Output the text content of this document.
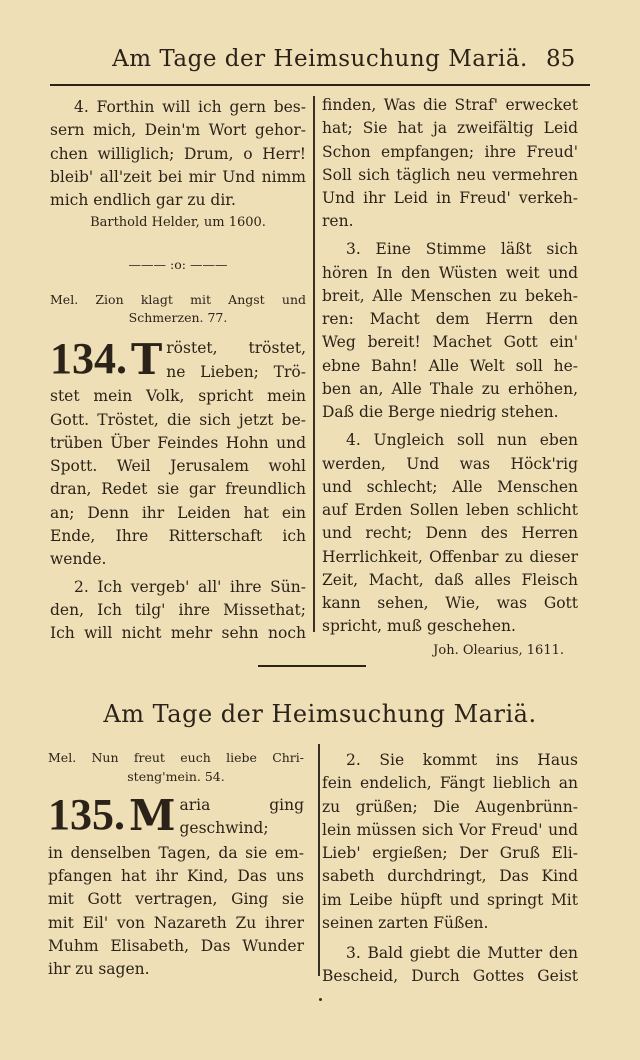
Am Tage der Heimsuchung Mariä. 85
4. Forthin will ich gern bes-
sern mich, Dein'm Wort gehor-
chen williglich; Drum, o Herr!
bleib' all'zeit bei mir Und nimm
mich endlich gar zu dir.
Barthold Helder, um 1600.
——— :o: ———
Mel. Zion klagt mit Angst und
Schmerzen. 77.
134. T röstet, tröstet,
ne Lieben; Trö-
stet mein Volk, spricht mein
Gott. Tröstet, die sich jetzt be-
trüben Über Feindes Hohn und
Spott. Weil Jerusalem wohl
dran, Redet sie gar freundlich
an; Denn ihr Leiden hat ein
Ende, Ihre Ritterschaft ich
wende.
2. Ich vergeb' all' ihre Sün-
den, Ich tilg' ihre Missethat;
Ich will nicht mehr sehn noch
finden, Was die Straf' erwecket
hat; Sie hat ja zweifältig Leid
Schon empfangen; ihre Freud'
Soll sich täglich neu vermehren
Und ihr Leid in Freud' verkeh-
ren.
3. Eine Stimme läßt sich
hören In den Wüsten weit und
breit, Alle Menschen zu bekeh-
ren: Macht dem Herrn den
Weg bereit! Machet Gott ein'
ebne Bahn! Alle Welt soll he-
ben an, Alle Thale zu erhöhen,
Daß die Berge niedrig stehen.
4. Ungleich soll nun eben
werden, Und was Höck'rig
und schlecht; Alle Menschen
auf Erden Sollen leben schlicht
und recht; Denn des Herren
Herrlichkeit, Offenbar zu dieser
Zeit, Macht, daß alles Fleisch
kann sehen, Wie, was Gott
spricht, muß geschehen.
Joh. Olearius, 1611.
Am Tage der Heimsuchung Mariä.
Mel. Nun freut euch liebe Chri-
steng'mein. 54.
135. M aria ging
geschwind;
in denselben Tagen, da sie em-
pfangen hat ihr Kind, Das uns
mit Gott vertragen, Ging sie
mit Eil' von Nazareth Zu ihrer
Muhm Elisabeth, Das Wunder
ihr zu sagen.
2. Sie kommt ins Haus
fein endelich, Fängt lieblich an
zu grüßen; Die Augenbrünn-
lein müssen sich Vor Freud' und
Lieb' ergießen; Der Gruß Eli-
sabeth durchdringt, Das Kind
im Leibe hüpft und springt Mit
seinen zarten Füßen.
3. Bald giebt die Mutter den
Bescheid, Durch Gottes Geist
